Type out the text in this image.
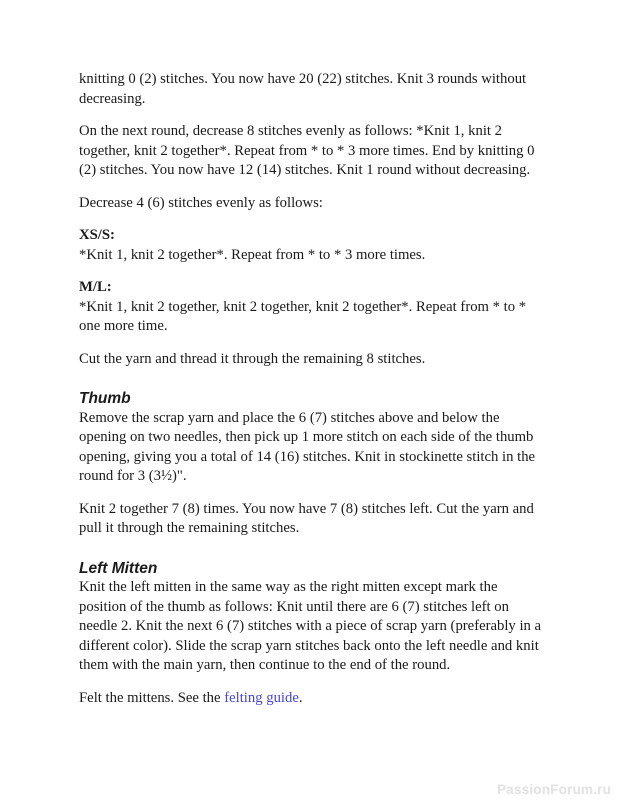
knitting 0 (2) stitches. You now have 20 (22) stitches. Knit 3 rounds without decreasing.

On the next round, decrease 8 stitches evenly as follows: *Knit 1, knit 2 together, knit 2 together*. Repeat from * to * 3 more times. End by knitting 0 (2) stitches. You now have 12 (14) stitches. Knit 1 round without decreasing.

Decrease 4 (6) stitches evenly as follows:

XS/S:
*Knit 1, knit 2 together*. Repeat from * to * 3 more times.

M/L:
*Knit 1, knit 2 together, knit 2 together, knit 2 together*. Repeat from * to * one more time.

Cut the yarn and thread it through the remaining 8 stitches.

Thumb

Remove the scrap yarn and place the 6 (7) stitches above and below the opening on two needles, then pick up 1 more stitch on each side of the thumb opening, giving you a total of 14 (16) stitches. Knit in stockinette stitch in the round for 3 (3½)".

Knit 2 together 7 (8) times. You now have 7 (8) stitches left. Cut the yarn and pull it through the remaining stitches.

Left Mitten

Knit the left mitten in the same way as the right mitten except mark the position of the thumb as follows: Knit until there are 6 (7) stitches left on needle 2. Knit the next 6 (7) stitches with a piece of scrap yarn (preferably in a different color). Slide the scrap yarn stitches back onto the left needle and knit them with the main yarn, then continue to the end of the round.

Felt the mittens. See the felting guide.

PassionForum.ru
